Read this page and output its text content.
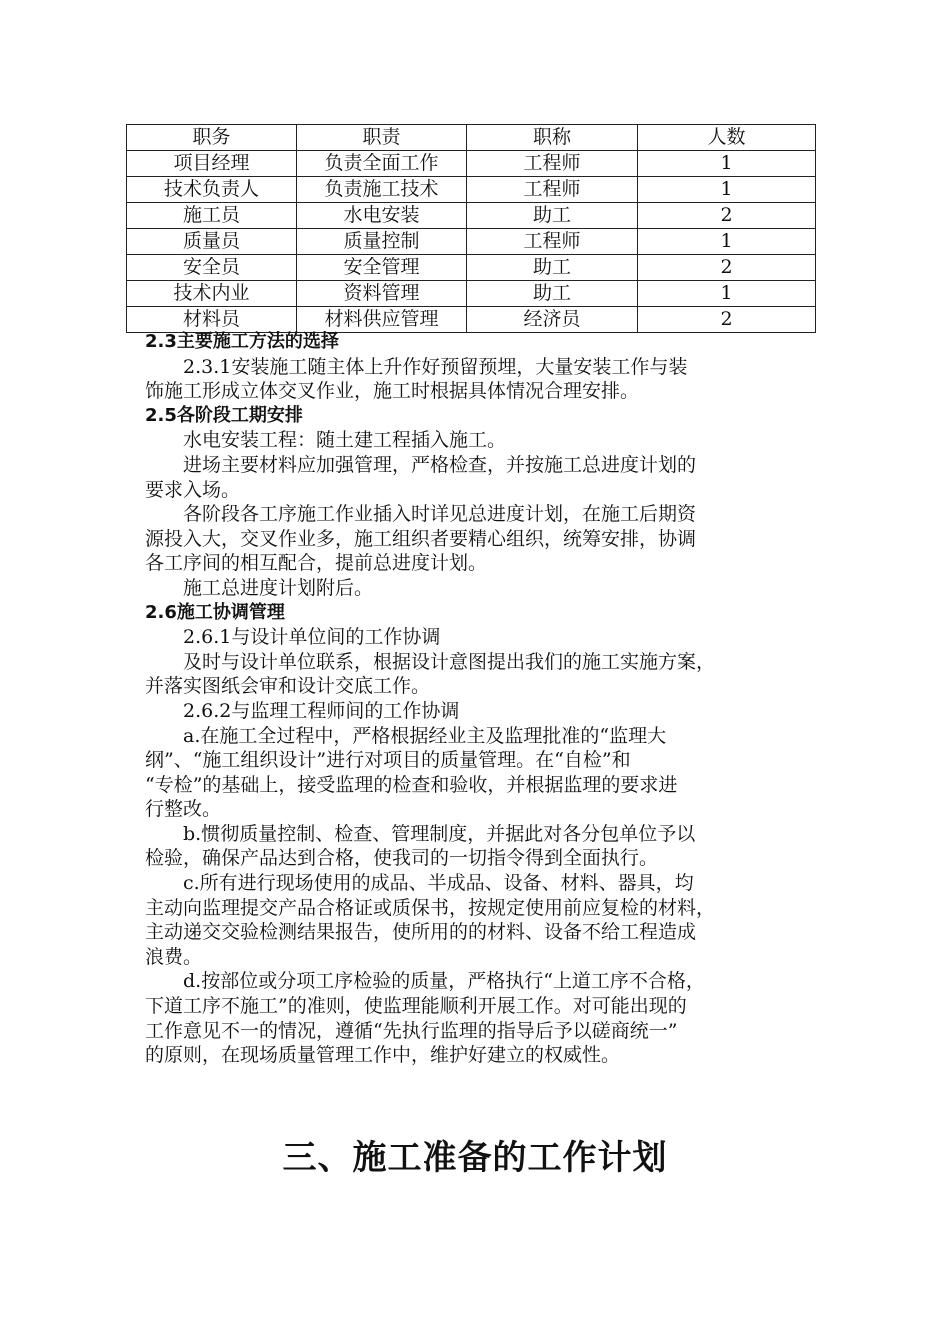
职务	职责	职称	人数
项目经理	负责全面工作	工程师	1
技术负责人	负责施工技术	工程师	1
施工员	水电安装	助工	2
质量员	质量控制	工程师	1
安全员	安全管理	助工	2
技术内业	资料管理	助工	1
材料员	材料供应管理	经济员	2
2.3主要施工方法的选择
2.3.1安装施工随主体上升作好预留预埋，大量安装工作与装
饰施工形成立体交叉作业，施工时根据具体情况合理安排。
2.5各阶段工期安排
水电安装工程：随土建工程插入施工。
进场主要材料应加强管理，严格检查，并按施工总进度计划的
要求入场。
各阶段各工序施工作业插入时详见总进度计划，在施工后期资
源投入大，交叉作业多，施工组织者要精心组织，统筹安排，协调
各工序间的相互配合，提前总进度计划。
施工总进度计划附后。
2.6施工协调管理
2.6.1与设计单位间的工作协调
及时与设计单位联系，根据设计意图提出我们的施工实施方案，
并落实图纸会审和设计交底工作。
2.6.2与监理工程师间的工作协调
a.在施工全过程中，严格根据经业主及监理批准的“监理大
纲”、“施工组织设计”进行对项目的质量管理。在“自检”和
“专检”的基础上，接受监理的检查和验收，并根据监理的要求进
行整改。
b.惯彻质量控制、检查、管理制度，并据此对各分包单位予以
检验，确保产品达到合格，使我司的一切指令得到全面执行。
c.所有进行现场使用的成品、半成品、设备、材料、器具，均
主动向监理提交产品合格证或质保书，按规定使用前应复检的材料，
主动递交交验检测结果报告，使所用的的材料、设备不给工程造成
浪费。
d.按部位或分项工序检验的质量，严格执行“上道工序不合格，
下道工序不施工”的准则，使监理能顺利开展工作。对可能出现的
工作意见不一的情况，遵循“先执行监理的指导后予以磋商统一”
的原则，在现场质量管理工作中，维护好建立的权威性。
三、施工准备的工作计划
